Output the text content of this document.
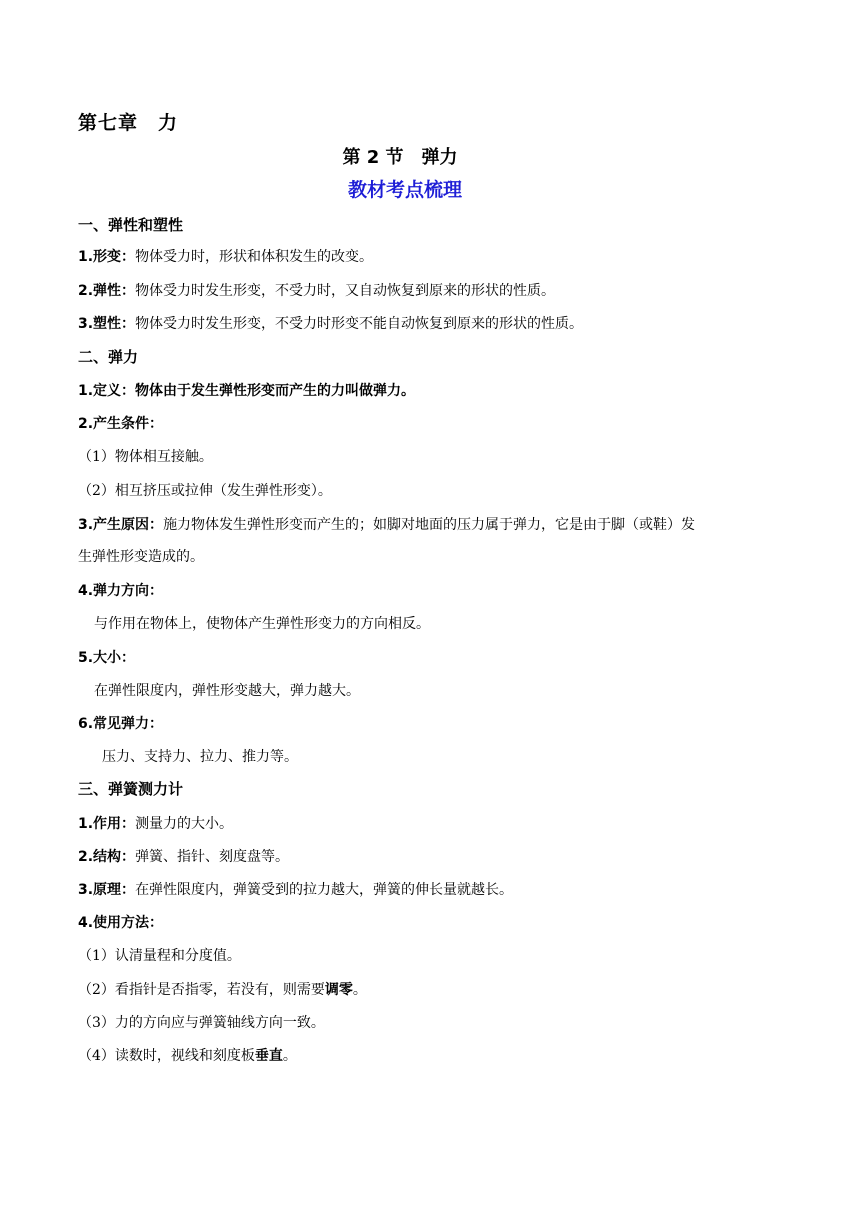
第七章　力
第 2 节 弹力
教材考点梳理
一、弹性和塑性
1.形变：物体受力时，形状和体积发生的改变。
2.弹性：物体受力时发生形变，不受力时，又自动恢复到原来的形状的性质。
3.塑性：物体受力时发生形变，不受力时形变不能自动恢复到原来的形状的性质。
二、弹力
1.定义：物体由于发生弹性形变而产生的力叫做弹力。
2.产生条件：
（1）物体相互接触。
（2）相互挤压或拉伸（发生弹性形变）。
3.产生原因：施力物体发生弹性形变而产生的；如脚对地面的压力属于弹力，它是由于脚（或鞋）发
生弹性形变造成的。
4.弹力方向：
与作用在物体上，使物体产生弹性形变力的方向相反。
5.大小：
在弹性限度内，弹性形变越大，弹力越大。
6.常见弹力：
压力、支持力、拉力、推力等。
三、弹簧测力计
1.作用：测量力的大小。
2.结构：弹簧、指针、刻度盘等。
3.原理：在弹性限度内，弹簧受到的拉力越大，弹簧的伸长量就越长。
4.使用方法：
（1）认清量程和分度值。
（2）看指针是否指零，若没有，则需要调零。
（3）力的方向应与弹簧轴线方向一致。
（4）读数时，视线和刻度板垂直。
